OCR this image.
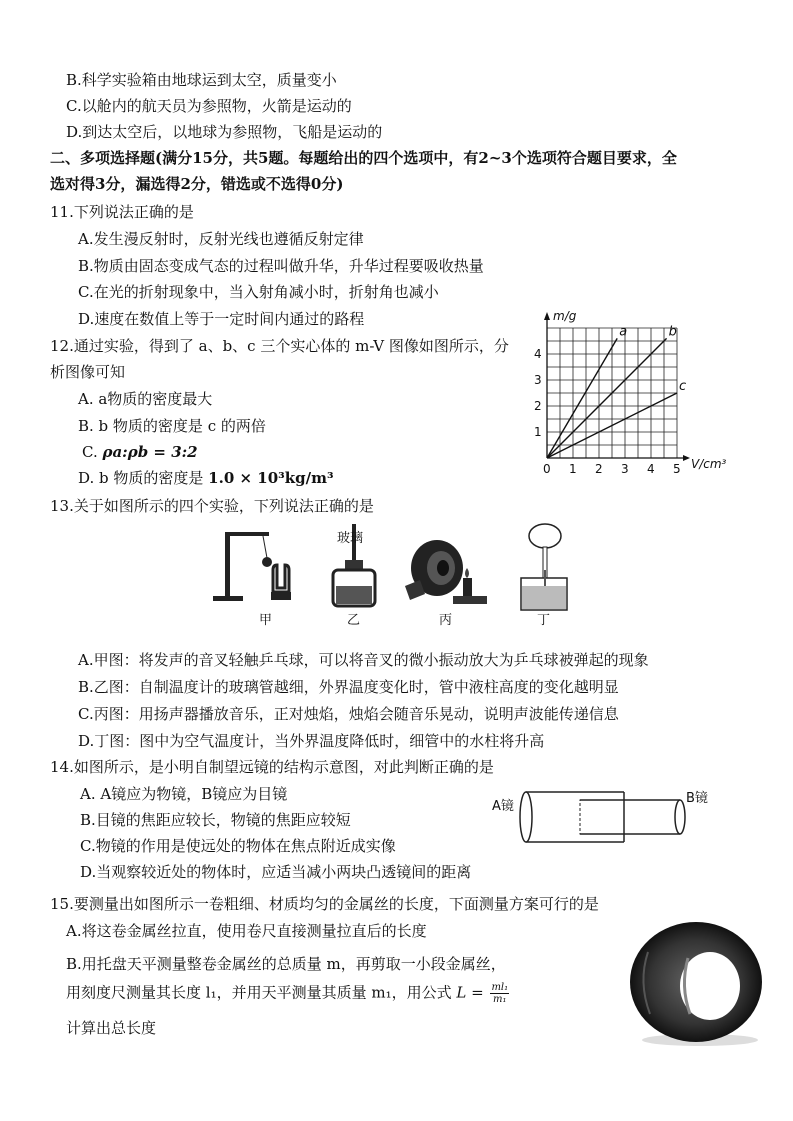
B.科学实验箱由地球运到太空，质量变小
C.以舱内的航天员为参照物，火箭是运动的
D.到达太空后，以地球为参照物，飞船是运动的
二、多项选择题(满分15分，共5题。每题给出的四个选项中，有2~3个选项符合题目要求，全
选对得3分，漏选得2分，错选或不选得0分)
11.下列说法正确的是
A.发生漫反射时，反射光线也遵循反射定律
B.物质由固态变成气态的过程叫做升华，升华过程要吸收热量
C.在光的折射现象中，当入射角减小时，折射角也减小
D.速度在数值上等于一定时间内通过的路程
12.通过实验，得到了 a、b、c 三个实心体的 m-V 图像如图所示，分
析图像可知
A. a物质的密度最大
B. b 物质的密度是 c 的两倍
C. ρa:ρb = 3:2
D. b 物质的密度是 1.0 × 10³kg/m³	0 1 2 3 4 5
1
2
3
4
m/g
V/cm³
a	b
c
13.关于如图所示的四个实验，下列说法正确的是
玻璃
甲	乙	丙	丁
A.甲图：将发声的音叉轻触乒乓球，可以将音叉的微小振动放大为乒乓球被弹起的现象
B.乙图：自制温度计的玻璃管越细，外界温度变化时，管中液柱高度的变化越明显
C.丙图：用扬声器播放音乐，正对烛焰，烛焰会随音乐晃动，说明声波能传递信息
D.丁图：图中为空气温度计，当外界温度降低时，细管中的水柱将升高
14.如图所示，是小明自制望远镜的结构示意图，对此判断正确的是
A. A镜应为物镜，B镜应为目镜
B.目镜的焦距应较长，物镜的焦距应较短
C.物镜的作用是使远处的物体在焦点附近成实像
D.当观察较近处的物体时，应适当减小两块凸透镜间的距离
A镜
B镜
15.要测量出如图所示一卷粗细、材质均匀的金属丝的长度，下面测量方案可行的是
A.将这卷金属丝拉直，使用卷尺直接测量拉直后的长度
B.用托盘天平测量整卷金属丝的总质量 m，再剪取一小段金属丝，
用刻度尺测量其长度 l₁，并用天平测量其质量 m₁，用公式 $L = \frac{\text{ml₁}}{\text{m₁}}$
计算出总长度
